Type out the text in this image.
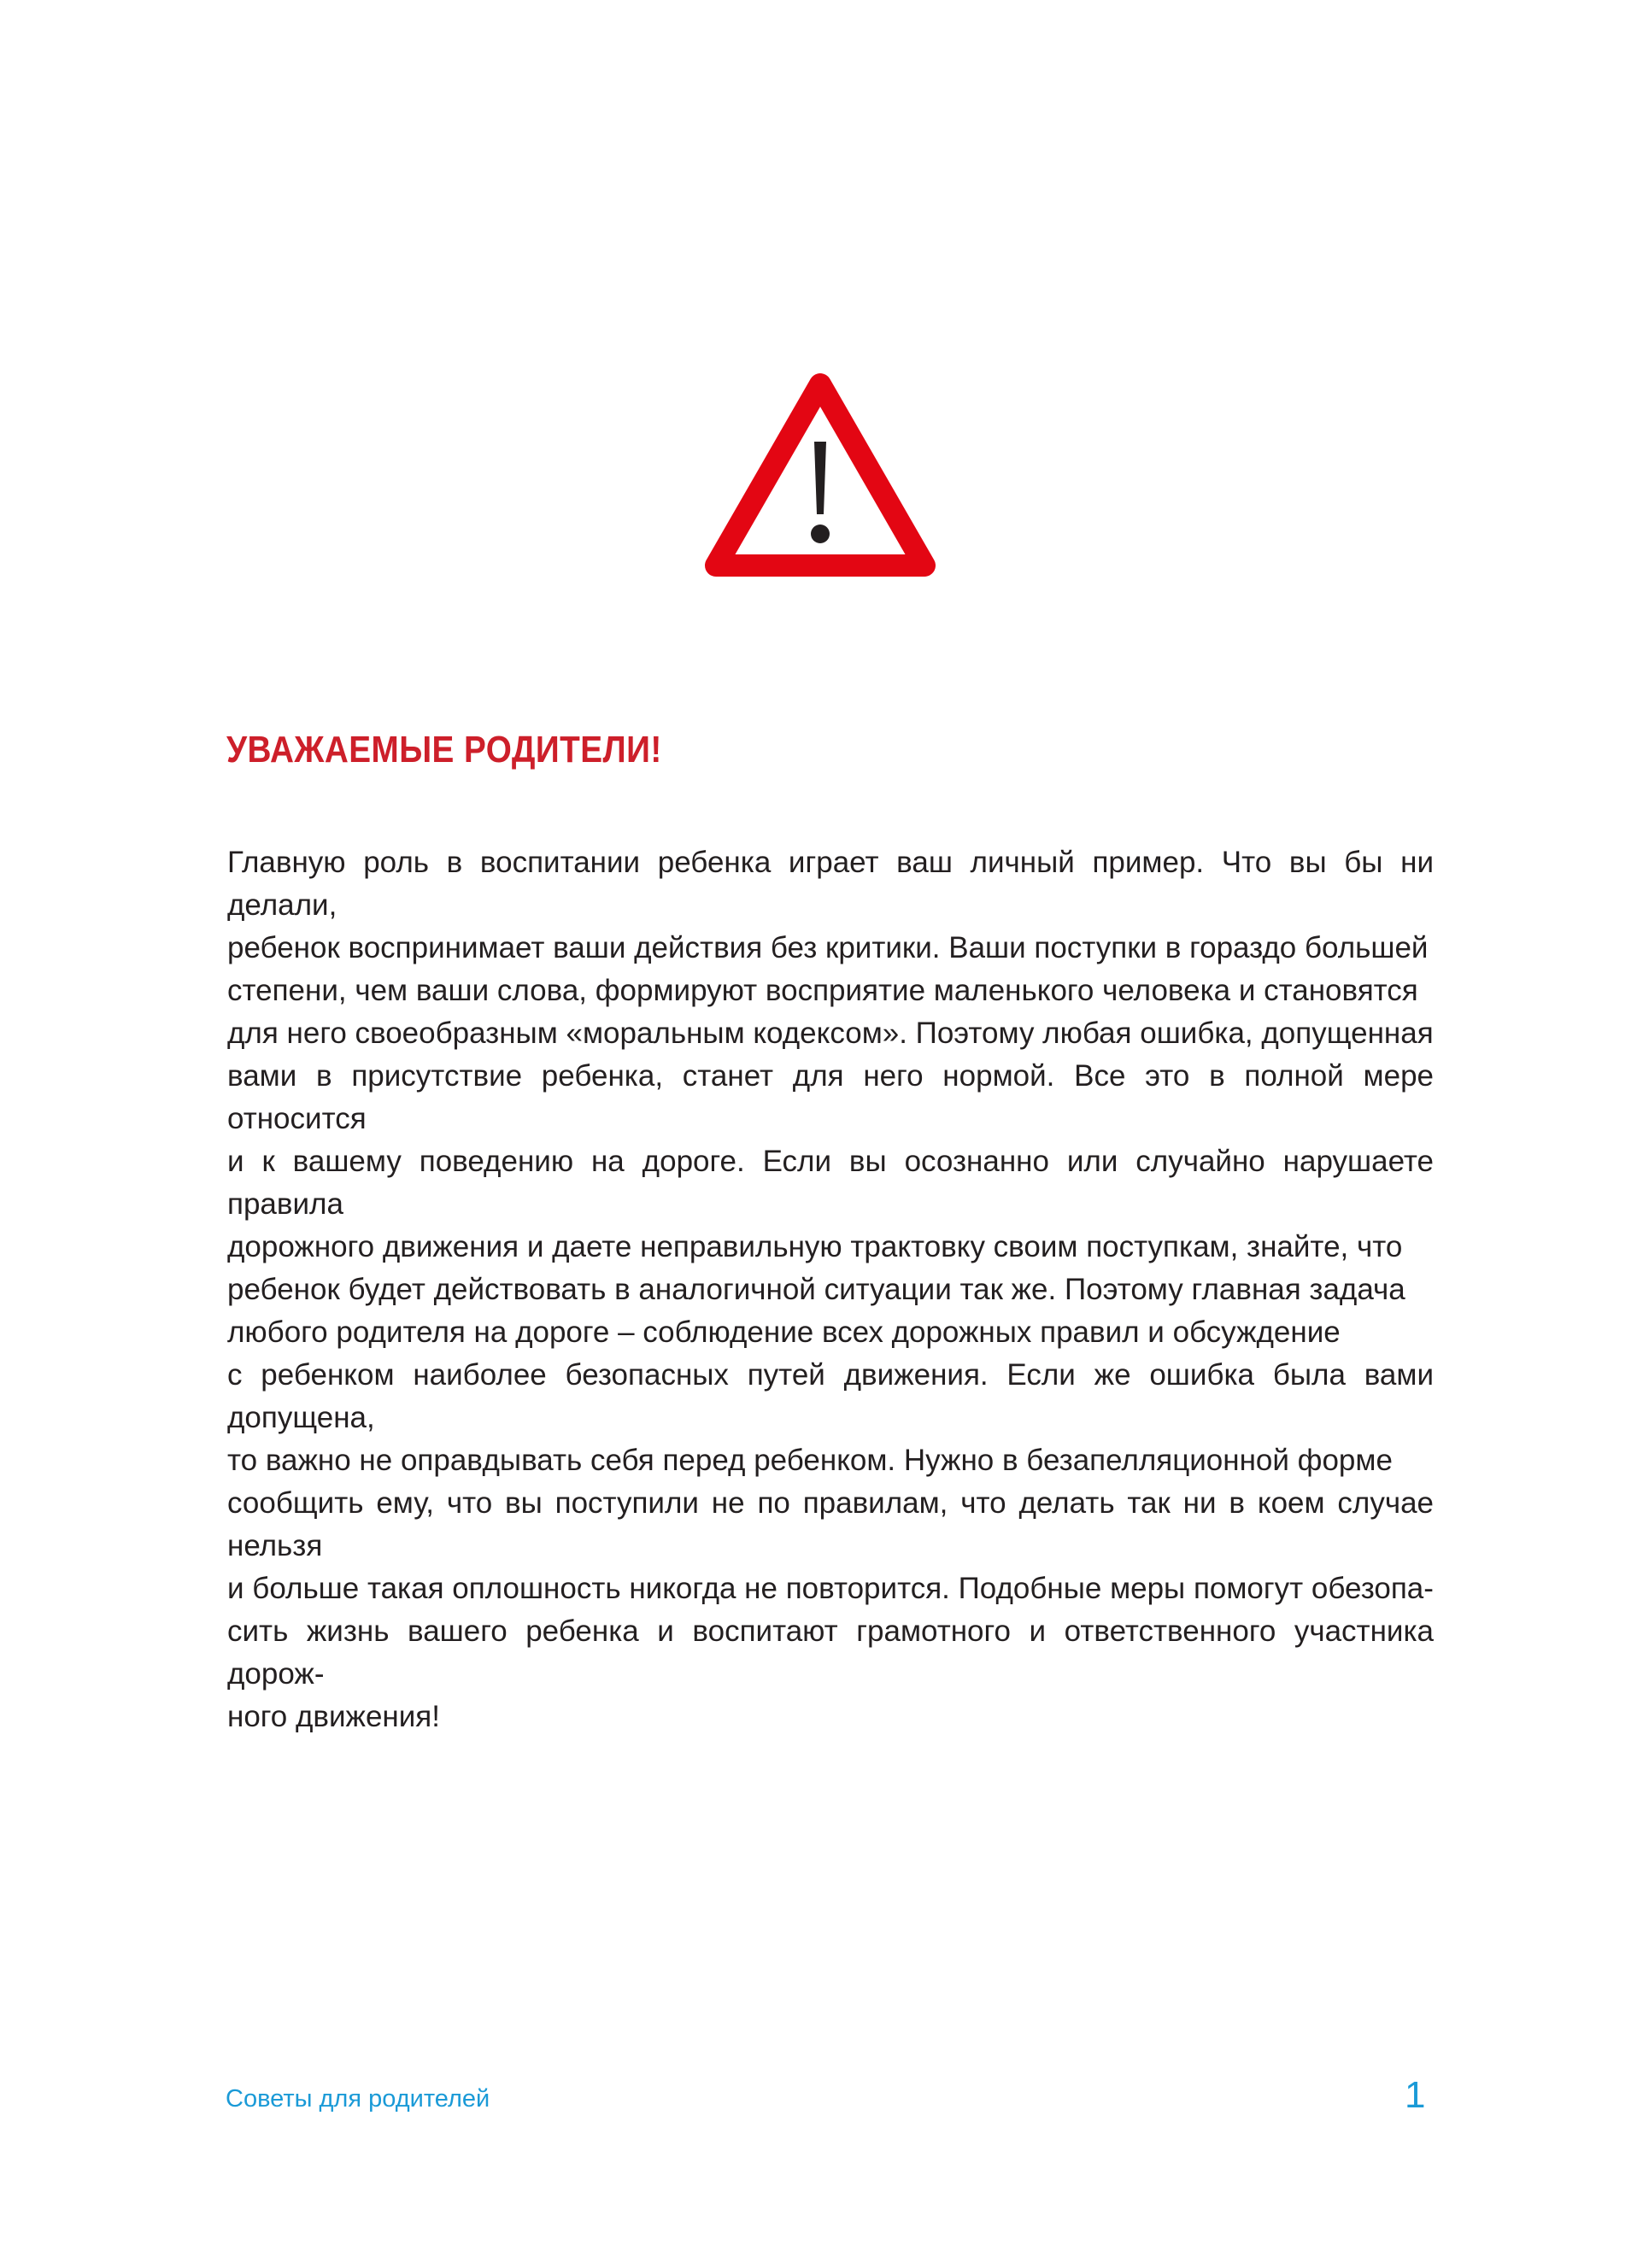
УВАЖАЕМЫЕ РОДИТЕЛИ!

Главную роль в воспитании ребенка играет ваш личный пример. Что вы бы ни делали,
ребенок воспринимает ваши действия без критики. Ваши поступки в гораздо большей
степени, чем ваши слова, формируют восприятие маленького человека и становятся
для него своеобразным «моральным кодексом». Поэтому любая ошибка, допущенная
вами в присутствие ребенка, станет для него нормой. Все это в полной мере относится
и к вашему поведению на дороге. Если вы осознанно или случайно нарушаете правила
дорожного движения и даете неправильную трактовку своим поступкам, знайте, что
ребенок будет действовать в аналогичной ситуации так же. Поэтому главная задача
любого родителя на дороге – соблюдение всех дорожных правил и обсуждение
с ребенком наиболее безопасных путей движения. Если же ошибка была вами допущена,
то важно не оправдывать себя перед ребенком. Нужно в безапелляционной форме
сообщить ему, что вы поступили не по правилам, что делать так ни в коем случае нельзя
и больше такая оплошность никогда не повторится. Подобные меры помогут обезопа-
сить жизнь вашего ребенка и воспитают грамотного и ответственного участника дорож-
ного движения!

Советы для родителей	1
